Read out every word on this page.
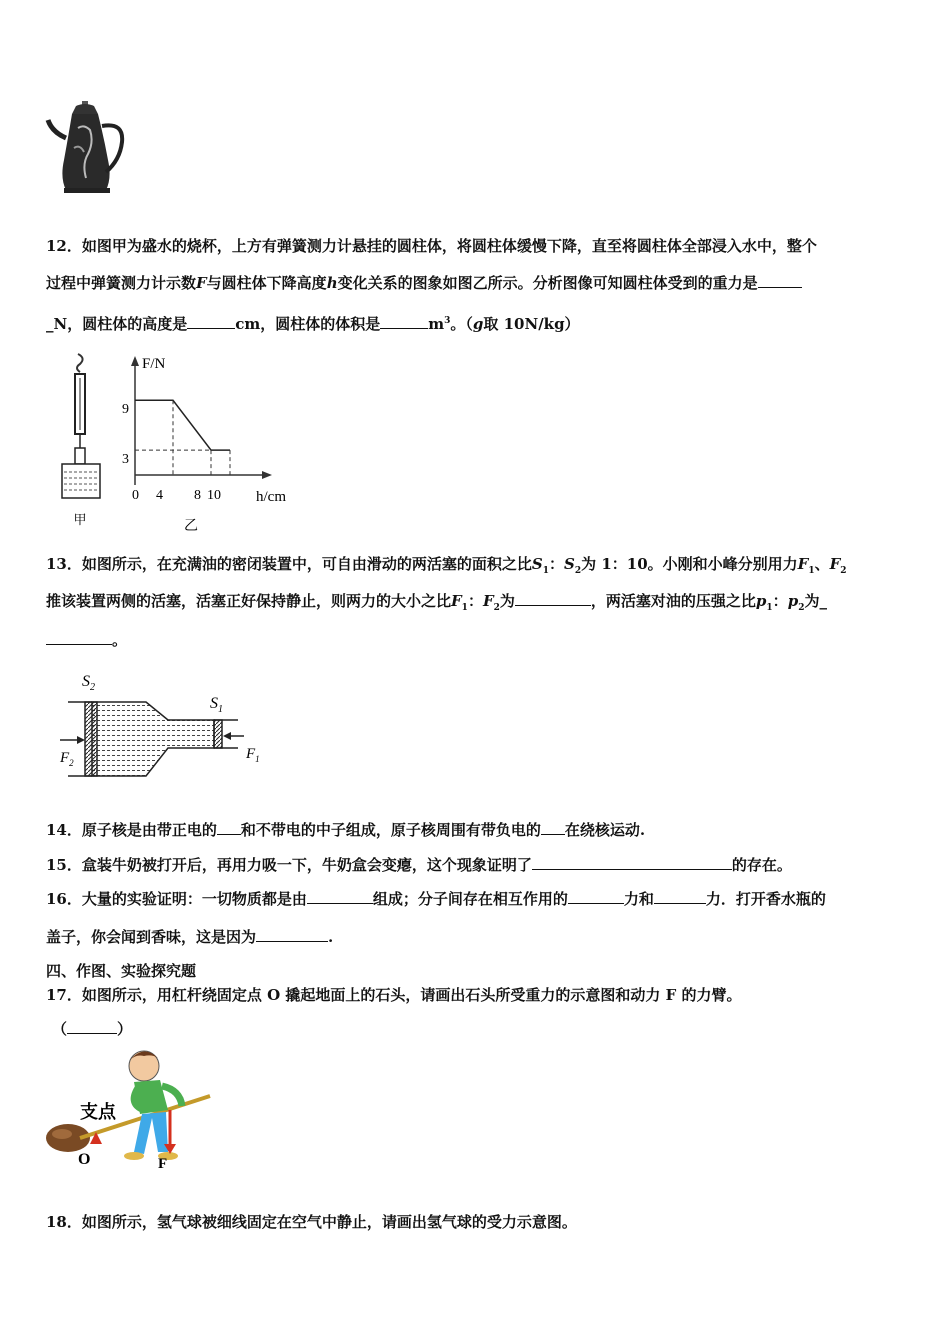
12．如图甲为盛水的烧杯，上方有弹簧测力计悬挂的圆柱体，将圆柱体缓慢下降，直至将圆柱体全部浸入水中，整个
过程中弹簧测力计示数F与圆柱体下降高度h变化关系的图象如图乙所示。分析图像可知圆柱体受到的重力是
_N，圆柱体的高度是	cm，圆柱体的体积是	$m^3$。（g取 10N/kg）
甲
F/N
h/cm
9
3
0 4 8 10
乙
13．如图所示，在充满油的密闭装置中，可自由滑动的两活塞的面积之比$S_1$：$S_2$为 1：10。小刚和小峰分别用力$F_1$、$F_2$
推该装置两侧的活塞，活塞正好保持静止，则两力的大小之比$F_1$：$F_2$为	，两活塞对油的压强之比$p_1$：$p_2$为_
。
$S_2$
$S_1$
$F_2$
$F_1$
14．原子核是由带正电的 和不带电的中子组成，原子核周围有带负电的 在绕核运动.
15．盒装牛奶被打开后，再用力吸一下，牛奶盒会变瘪，这个现象证明了	的存在。
16．大量的实验证明：一切物质都是由	组成；分子间存在相互作用的	力和	力．打开香水瓶的
盖子，你会闻到香味，这是因为	.
四、作图、实验探究题
17．如图所示，用杠杆绕固定点 O 撬起地面上的石头，请画出石头所受重力的示意图和动力 F 的力臂。
（	）
支点
O	F
18．如图所示，氢气球被细线固定在空气中静止，请画出氢气球的受力示意图。
